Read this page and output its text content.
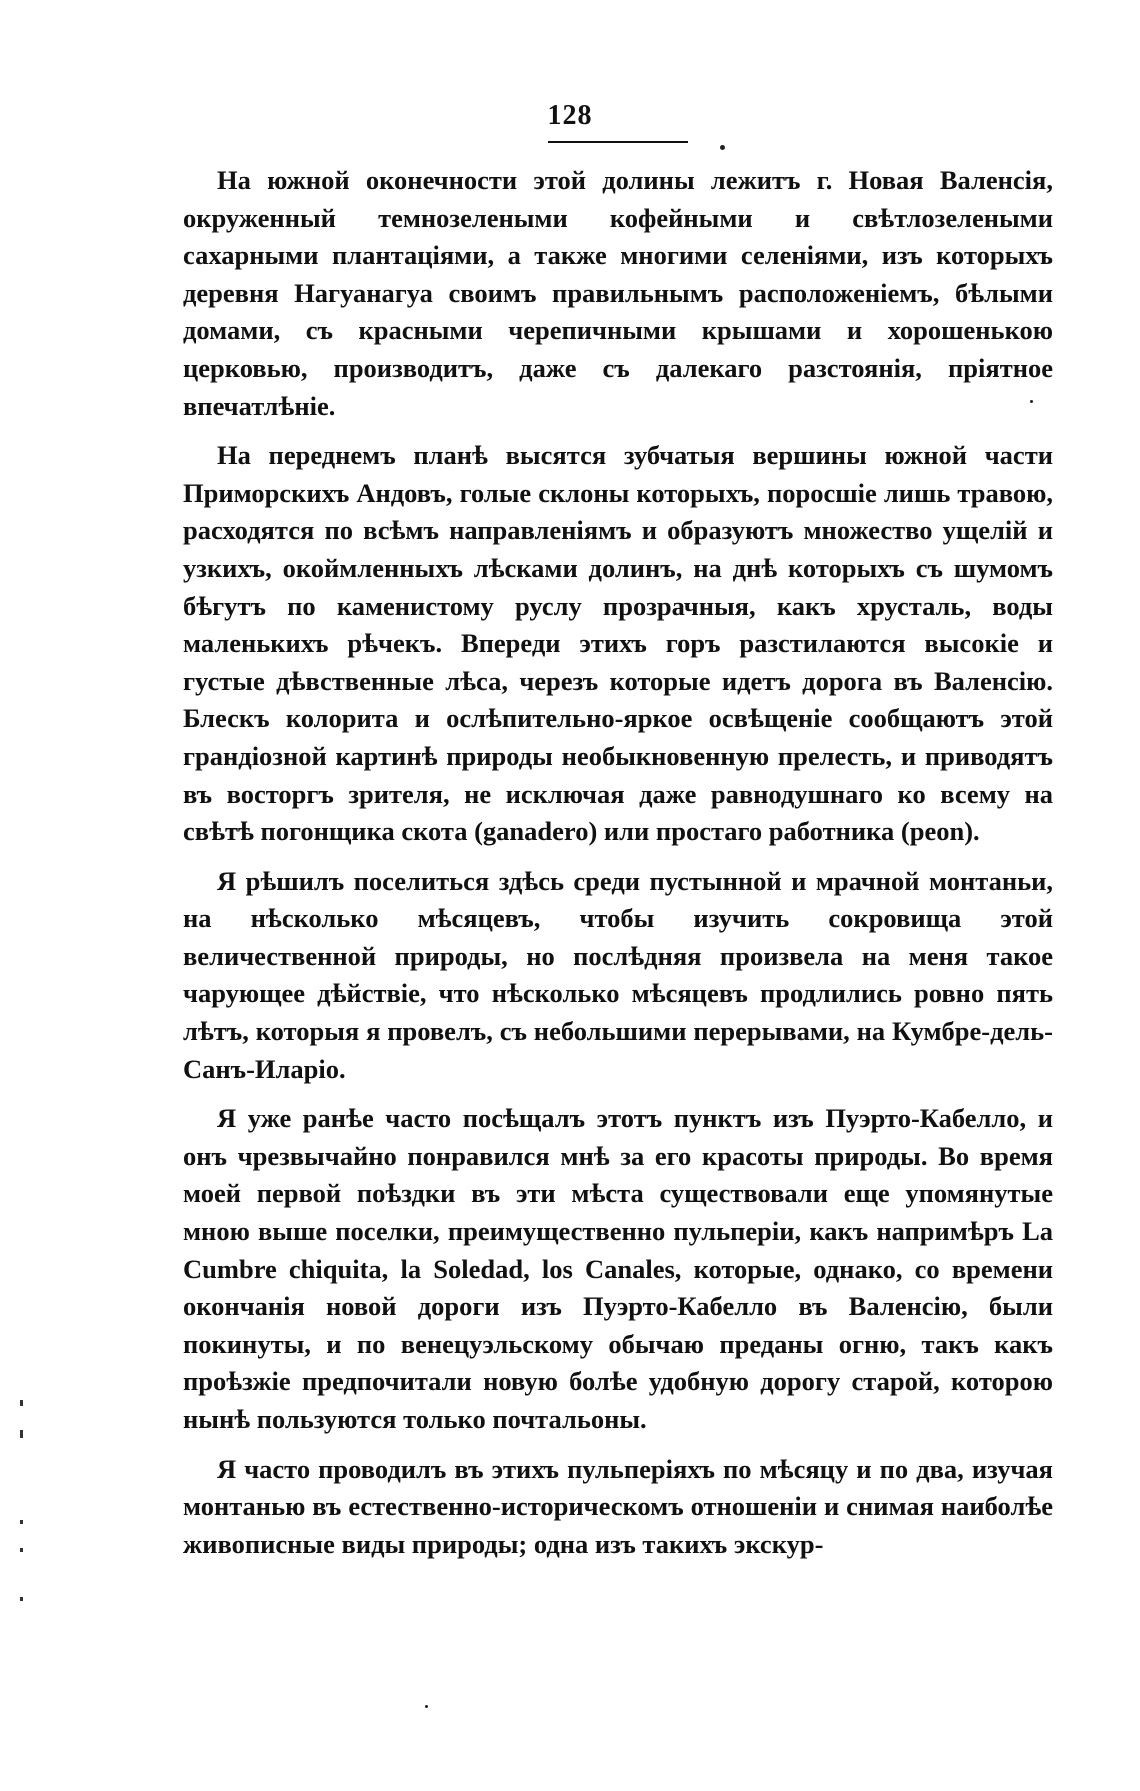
128

На южной оконечности этой долины лежитъ г. Новая Валенсія, окруженный темнозелеными кофейными и свѣтлозелеными сахарными плантаціями, а также многими селеніями, изъ которыхъ деревня Нагуанагуа своимъ правильнымъ расположеніемъ, бѣлыми домами, съ красными черепичными крышами и хорошенькою церковью, производитъ, даже съ далекаго разстоянія, пріятное впечатлѣніе.

На переднемъ планѣ высятся зубчатыя вершины южной части Приморскихъ Андовъ, голые склоны которыхъ, поросшіе лишь травою, расходятся по всѣмъ направленіямъ и образуютъ множество ущелій и узкихъ, окоймленныхъ лѣсками долинъ, на днѣ которыхъ съ шумомъ бѣгутъ по каменистому руслу прозрачныя, какъ хрусталь, воды маленькихъ рѣчекъ. Впереди этихъ горъ разстилаются высокіе и густые дѣвственные лѣса, черезъ которые идетъ дорога въ Валенсію. Блескъ колорита и ослѣпительно-яркое освѣщеніе сообщаютъ этой грандіозной картинѣ природы необыкновенную прелесть, и приводятъ въ восторгъ зрителя, не исключая даже равнодушнаго ко всему на свѣтѣ погонщика скота (ganadero) или простаго работника (peon).

Я рѣшилъ поселиться здѣсь среди пустынной и мрачной монтаньи, на нѣсколько мѣсяцевъ, чтобы изучить сокровища этой величественной природы, но послѣдняя произвела на меня такое чарующее дѣйствіе, что нѣсколько мѣсяцевъ продлились ровно пять лѣтъ, которыя я провелъ, съ небольшими перерывами, на Кумбре-дель-Санъ-Иларіо.

Я уже ранѣе часто посѣщалъ этотъ пунктъ изъ Пуэрто-Кабелло, и онъ чрезвычайно понравился мнѣ за его красоты природы. Во время моей первой поѣздки въ эти мѣста существовали еще упомянутые мною выше поселки, преимущественно пульперіи, какъ напримѣръ La Cumbre chiquita, la Soledad, los Canales, которые, однако, со времени окончанія новой дороги изъ Пуэрто-Кабелло въ Валенсію, были покинуты, и по венецуэльскому обычаю преданы огню, такъ какъ проѣзжіе предпочитали новую болѣе удобную дорогу старой, которою нынѣ пользуются только почтальоны.

Я часто проводилъ въ этихъ пульперіяхъ по мѣсяцу и по два, изучая монтанью въ естественно-историческомъ отношеніи и снимая наиболѣе живописные виды природы; одна изъ такихъ экскур-
